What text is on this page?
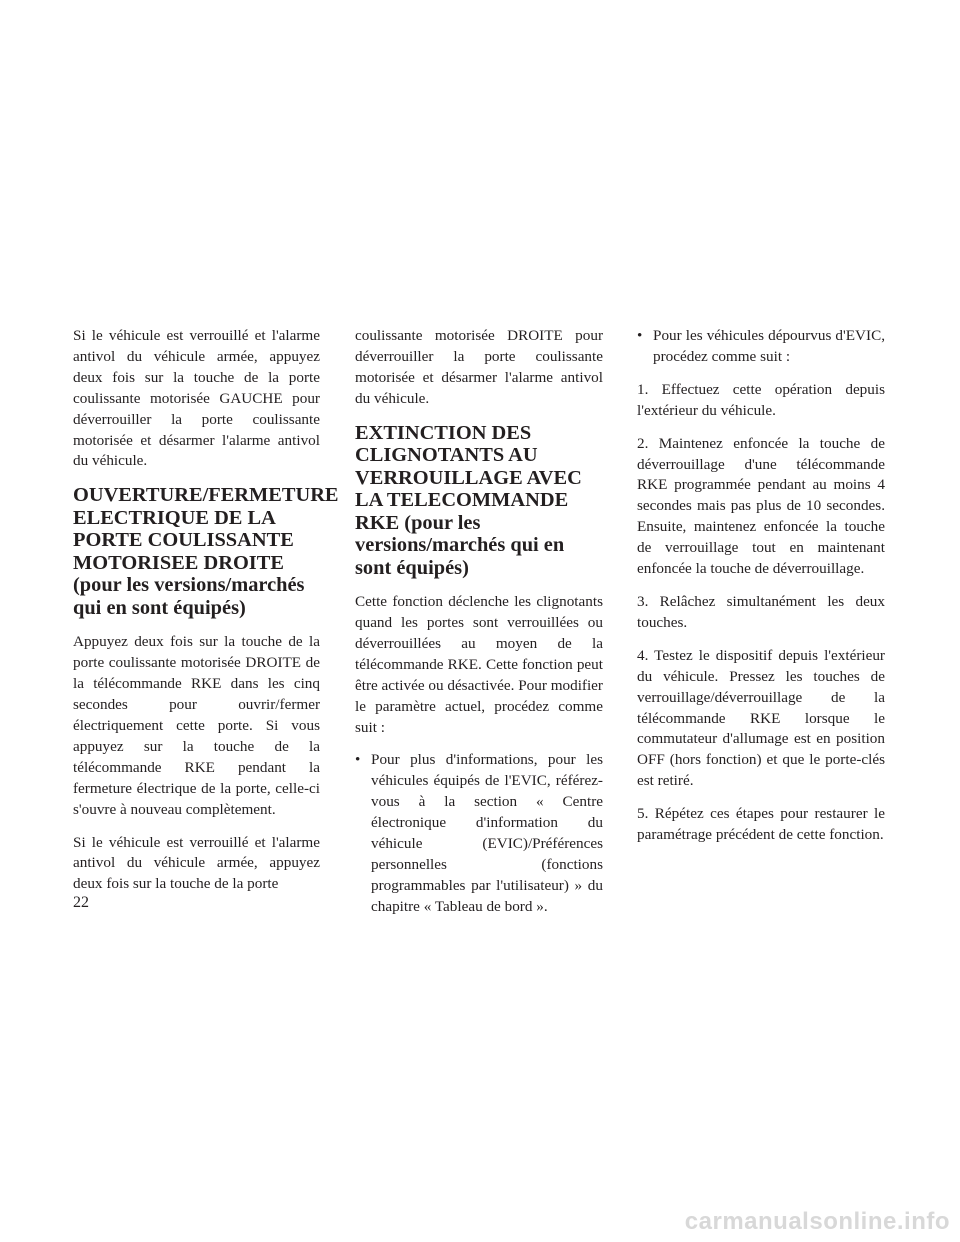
Si le véhicule est verrouillé et l'alarme antivol du véhicule armée, appuyez deux fois sur la touche de la porte coulissante motorisée GAUCHE pour déverrouiller la porte coulissante motorisée et désarmer l'alarme antivol du véhicule.

OUVERTURE/FERMETURE ELECTRIQUE DE LA PORTE COULISSANTE MOTORISEE DROITE (pour les versions/marchés qui en sont équipés)

Appuyez deux fois sur la touche de la porte coulissante motorisée DROITE de la télécommande RKE dans les cinq secondes pour ouvrir/fermer électriquement cette porte. Si vous appuyez sur la touche de la télécommande RKE pendant la fermeture électrique de la porte, celle-ci s'ouvre à nouveau complètement.

Si le véhicule est verrouillé et l'alarme antivol du véhicule armée, appuyez deux fois sur la touche de la porte

coulissante motorisée DROITE pour déverrouiller la porte coulissante motorisée et désarmer l'alarme antivol du véhicule.

EXTINCTION DES CLIGNOTANTS AU VERROUILLAGE AVEC LA TELECOMMANDE RKE (pour les versions/marchés qui en sont équipés)

Cette fonction déclenche les clignotants quand les portes sont verrouillées ou déverrouillées au moyen de la télécommande RKE. Cette fonction peut être activée ou désactivée. Pour modifier le paramètre actuel, procédez comme suit :

• Pour plus d'informations, pour les véhicules équipés de l'EVIC, référez-vous à la section « Centre électronique d'information du véhicule (EVIC)/Préférences personnelles (fonctions programmables par l'utilisateur) » du chapitre « Tableau de bord ».
• Pour les véhicules dépourvus d'EVIC, procédez comme suit :

1. Effectuez cette opération depuis l'extérieur du véhicule.

2. Maintenez enfoncée la touche de déverrouillage d'une télécommande RKE programmée pendant au moins 4 secondes mais pas plus de 10 secondes. Ensuite, maintenez enfoncée la touche de verrouillage tout en maintenant enfoncée la touche de déverrouillage.

3. Relâchez simultanément les deux touches.

4. Testez le dispositif depuis l'extérieur du véhicule. Pressez les touches de verrouillage/déverrouillage de la télécommande RKE lorsque le commutateur d'allumage est en position OFF (hors fonction) et que le porte-clés est retiré.

5. Répétez ces étapes pour restaurer le paramétrage précédent de cette fonction.

22
carmanualsonline.info
